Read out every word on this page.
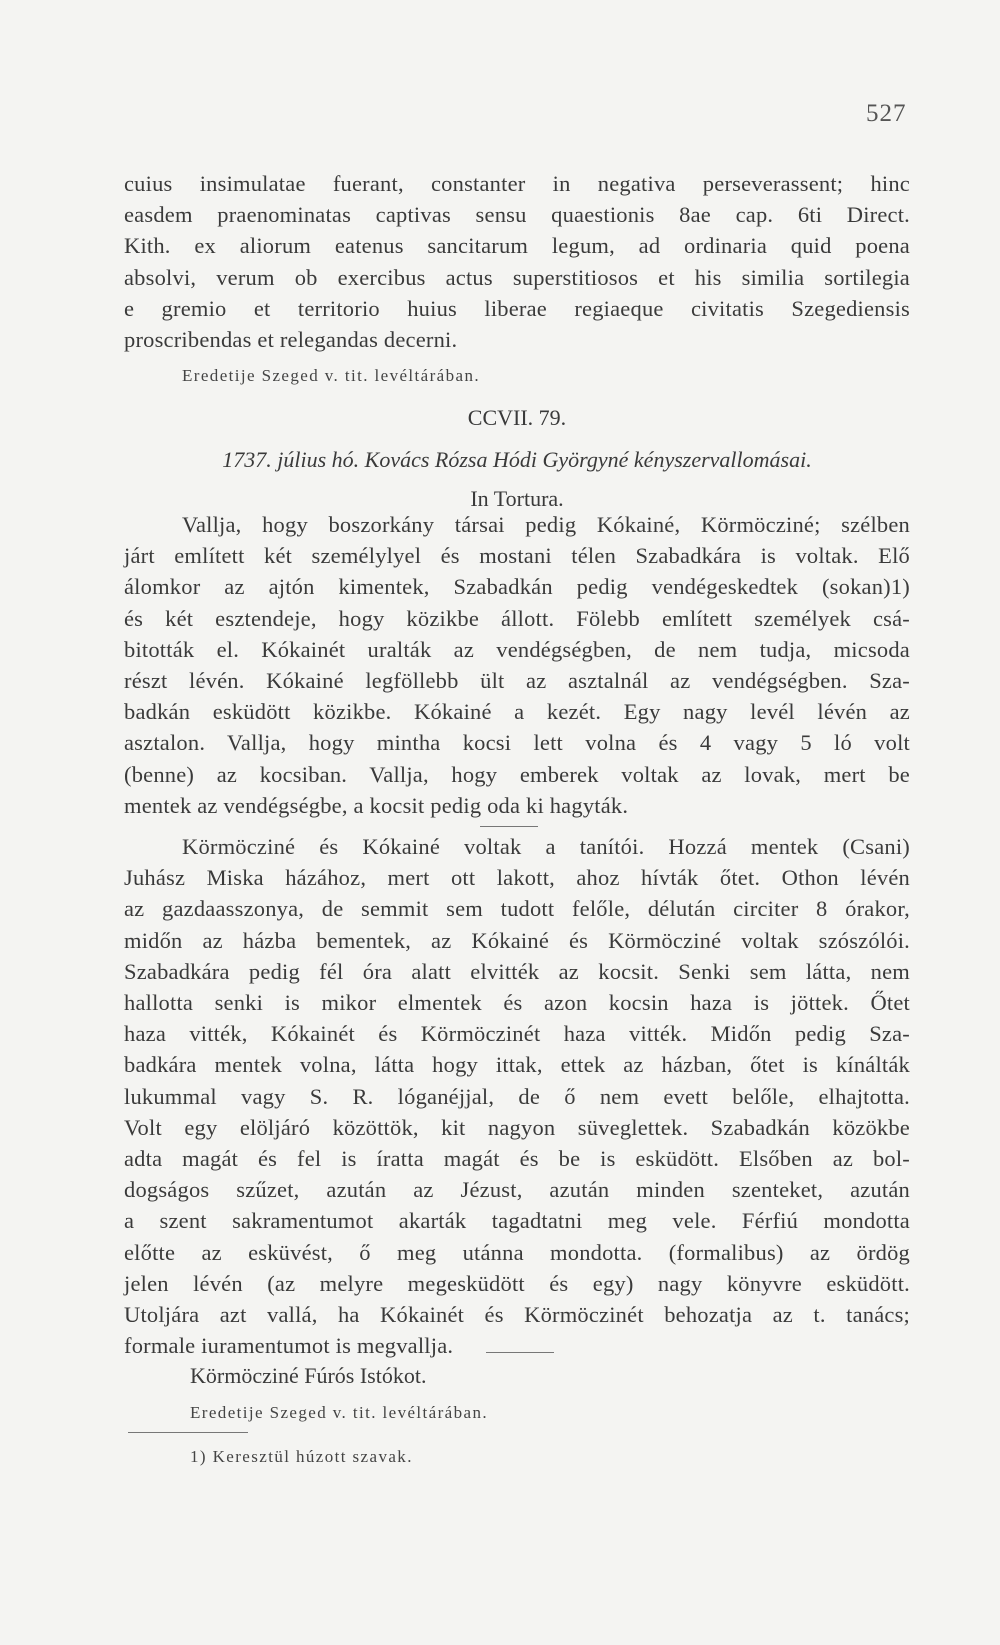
527
cuius insimulatae fuerant, constanter in negativa perseverassent; hinc
easdem praenominatas captivas sensu quaestionis 8ae cap. 6ti Direct.
Kith. ex aliorum eatenus sancitarum legum, ad ordinaria quid poena
absolvi, verum ob exercibus actus superstitiosos et his similia sortilegia
e gremio et territorio huius liberae regiaeque civitatis Szegediensis
proscribendas et relegandas decerni.
Eredetije Szeged v. tit. levéltárában.
CCVII. 79.
1737. július hó. Kovács Rózsa Hódi Györgyné kényszervallomásai.
In Tortura.
Vallja, hogy boszorkány társai pedig Kókainé, Körmöcziné; szélben
járt említett két személylyel és mostani télen Szabadkára is voltak. Elő
álomkor az ajtón kimentek, Szabadkán pedig vendégeskedtek (sokan)1)
és két esztendeje, hogy közikbe állott. Fölebb említett személyek csá-
bitották el. Kókainét uralták az vendégségben, de nem tudja, micsoda
részt lévén. Kókainé legföllebb ült az asztalnál az vendégségben. Sza-
badkán esküdött közikbe. Kókainé a kezét. Egy nagy levél lévén az
asztalon. Vallja, hogy mintha kocsi lett volna és 4 vagy 5 ló volt
(benne) az kocsiban. Vallja, hogy emberek voltak az lovak, mert be
mentek az vendégségbe, a kocsit pedig oda ki hagyták.
Körmöcziné és Kókainé voltak a tanítói. Hozzá mentek (Csani)
Juhász Miska házához, mert ott lakott, ahoz hívták őtet. Othon lévén
az gazdaasszonya, de semmit sem tudott felőle, délután circiter 8 órakor,
midőn az házba bementek, az Kókainé és Körmöcziné voltak szószólói.
Szabadkára pedig fél óra alatt elvitték az kocsit. Senki sem látta, nem
hallotta senki is mikor elmentek és azon kocsin haza is jöttek. Őtet
haza vitték, Kókainét és Körmöczinét haza vitték. Midőn pedig Sza-
badkára mentek volna, látta hogy ittak, ettek az házban, őtet is kínálták
lukummal vagy S. R. lóganéjjal, de ő nem evett belőle, elhajtotta.
Volt egy elöljáró közöttök, kit nagyon süveglettek. Szabadkán közökbe
adta magát és fel is íratta magát és be is esküdött. Elsőben az bol-
dogságos szűzet, azután az Jézust, azután minden szenteket, azután
a szent sakramentumot akarták tagadtatni meg vele. Férfiú mondotta
előtte az esküvést, ő meg utánna mondotta. (formalibus) az ördög
jelen lévén (az melyre megesküdött és egy) nagy könyvre esküdött.
Utoljára azt vallá, ha Kókainét és Körmöczinét behozatja az t. tanács;
formale iuramentumot is megvallja.
Körmöcziné Fúrós Istókot.
Eredetije Szeged v. tit. levéltárában.
1) Keresztül húzott szavak.
